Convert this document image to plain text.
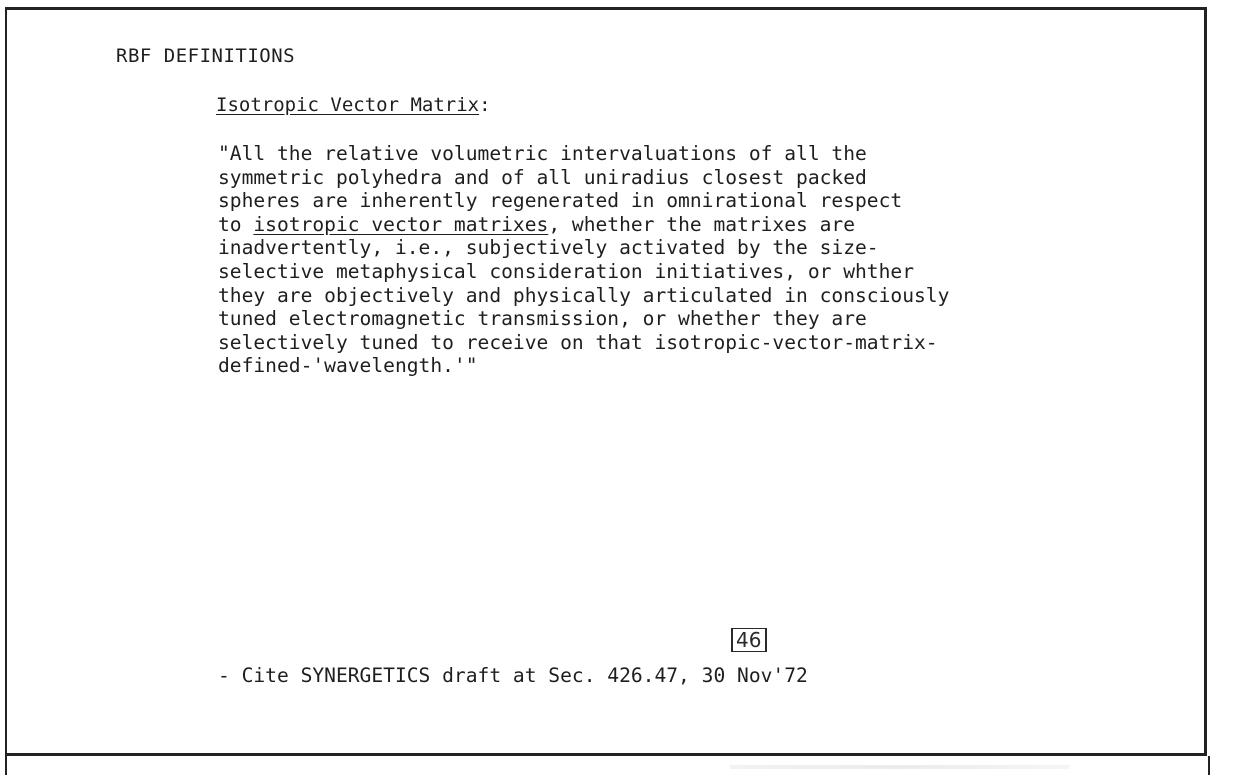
RBF DEFINITIONS
Isotropic Vector Matrix:

"All the relative volumetric intervaluations of all the
symmetric polyhedra and of all uniradius closest packed
spheres are inherently regenerated in omnirational respect
to isotropic vector matrixes, whether the matrixes are
inadvertently, i.e., subjectively activated by the size-
selective metaphysical consideration initiatives, or whther
they are objectively and physically articulated in consciously
tuned electromagnetic transmission, or whether they are
selectively tuned to receive on that isotropic-vector-matrix-
defined-'wavelength.'"

46

- Cite SYNERGETICS draft at Sec. 426.47, 30 Nov'72
